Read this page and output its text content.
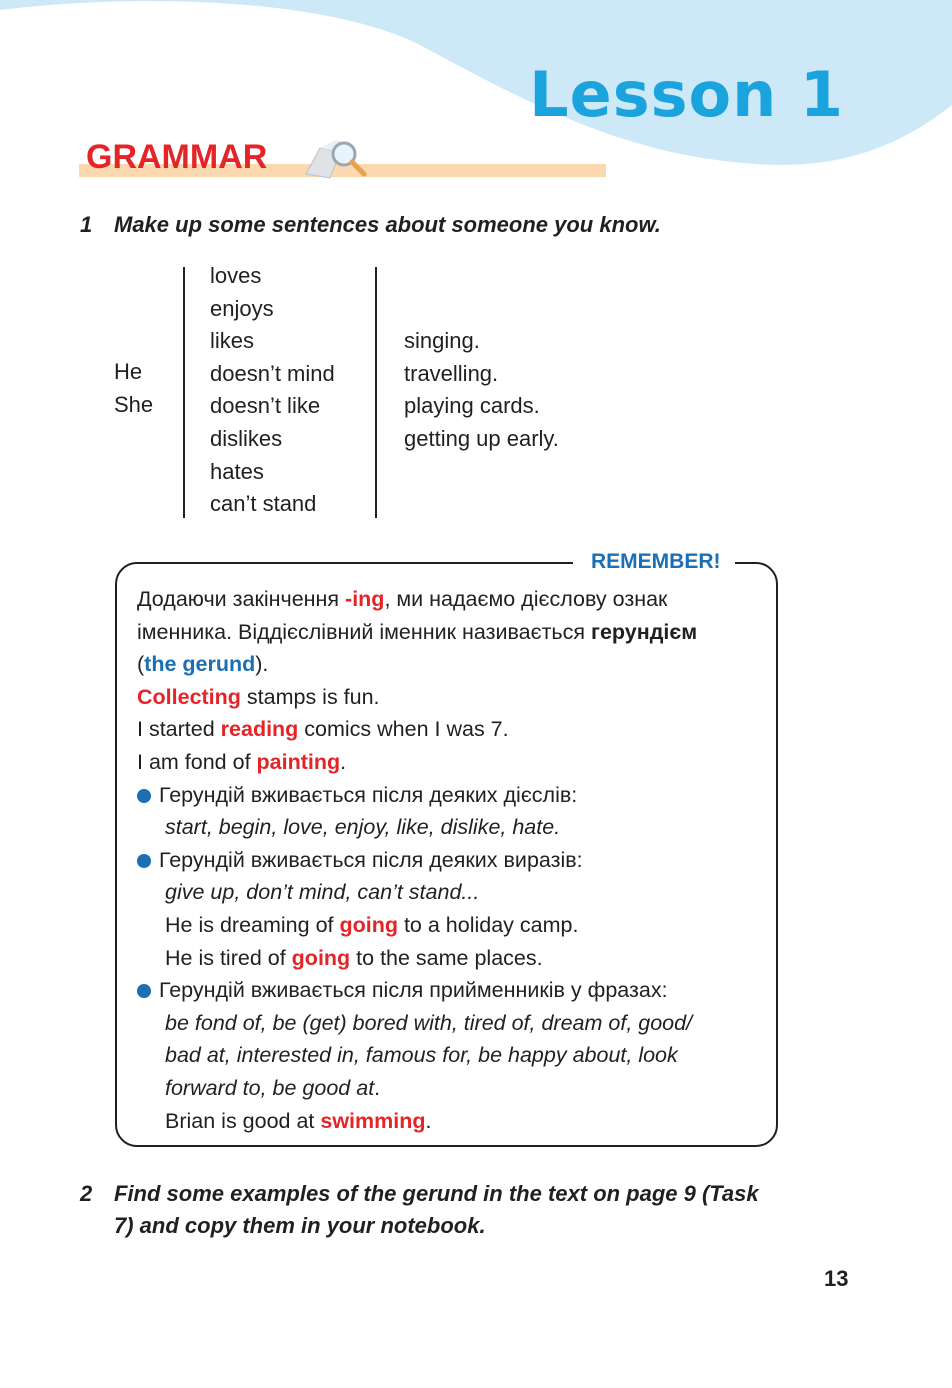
Lesson 1
GRAMMAR
1 Make up some sentences about someone you know.
He
She
loves
enjoys
likes
doesn’t mind
doesn’t like
dislikes
hates
can’t stand
singing.
travelling.
playing cards.
getting up early.
REMEMBER!
Додаючи закінчення -ing, ми надаємо дієслову ознак
іменника. Віддієслівний іменник називається герундієм
(the gerund).
Collecting stamps is fun.
I started reading comics when I was 7.
I am fond of painting.
Герундій вживається після деяких дієслів:
start, begin, love, enjoy, like, dislike, hate.
Герундій вживається після деяких виразів:
give up, don’t mind, can’t stand...
He is dreaming of going to a holiday camp.
He is tired of going to the same places.
Герундій вживається після прийменників у фразах:
be fond of, be (get) bored with, tired of, dream of, good/
bad at, interested in, famous for, be happy about, look
forward to, be good at.
Brian is good at swimming.
2 Find some examples of the gerund in the text on page 9 (Task 7) and copy them in your notebook.
13
